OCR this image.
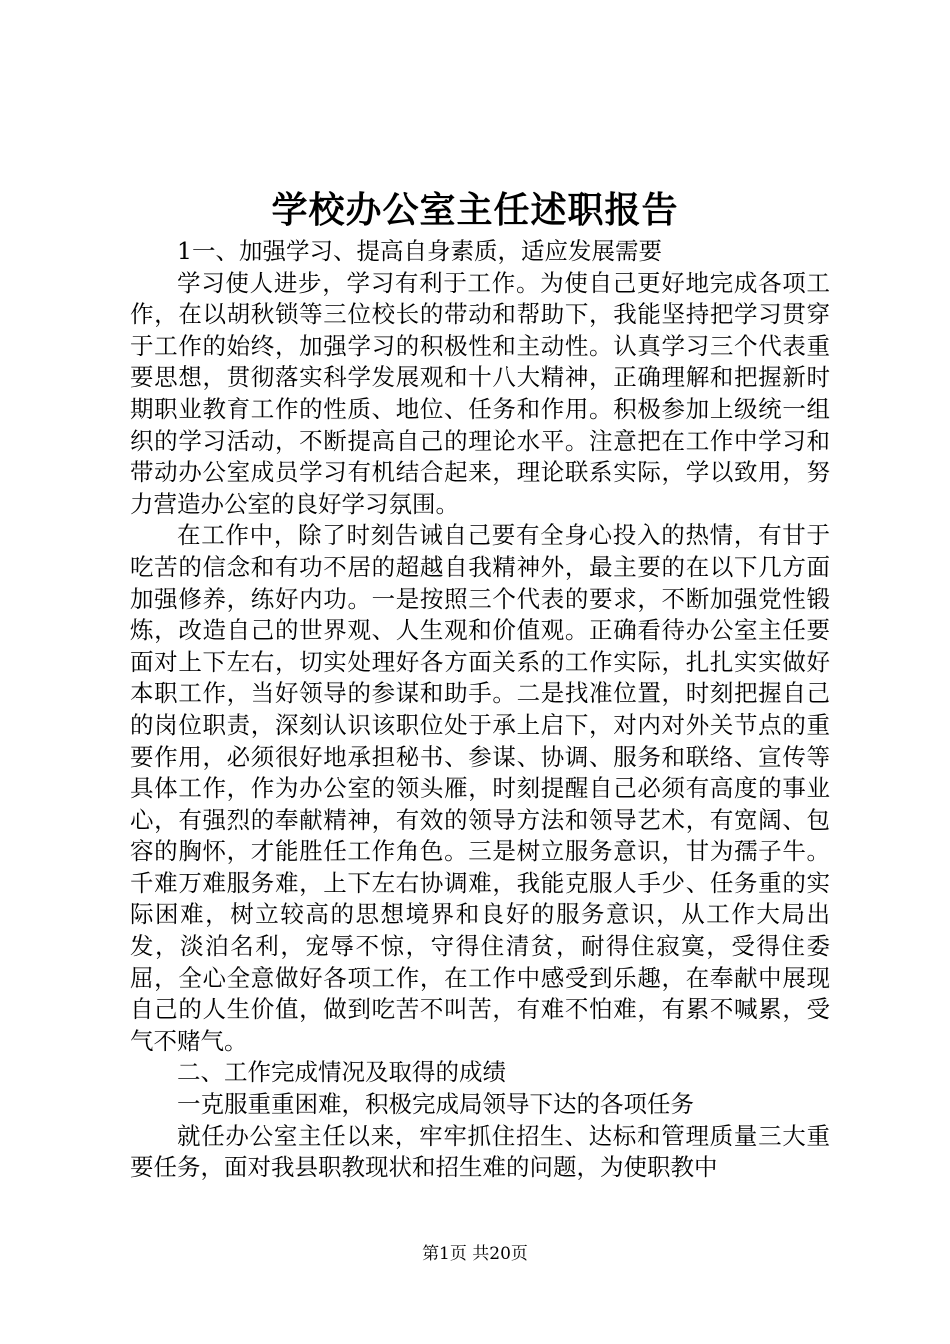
学校办公室主任述职报告

1一、加强学习、提高自身素质，适应发展需要

学习使人进步，学习有利于工作。为使自己更好地完成各项工作，在以胡秋锁等三位校长的带动和帮助下，我能坚持把学习贯穿于工作的始终，加强学习的积极性和主动性。认真学习三个代表重要思想，贯彻落实科学发展观和十八大精神，正确理解和把握新时期职业教育工作的性质、地位、任务和作用。积极参加上级统一组织的学习活动，不断提高自己的理论水平。注意把在工作中学习和带动办公室成员学习有机结合起来，理论联系实际，学以致用，努力营造办公室的良好学习氛围。

在工作中，除了时刻告诫自己要有全身心投入的热情，有甘于吃苦的信念和有功不居的超越自我精神外，最主要的在以下几方面加强修养，练好内功。一是按照三个代表的要求，不断加强党性锻炼，改造自己的世界观、人生观和价值观。正确看待办公室主任要面对上下左右，切实处理好各方面关系的工作实际，扎扎实实做好本职工作，当好领导的参谋和助手。二是找准位置，时刻把握自己的岗位职责，深刻认识该职位处于承上启下，对内对外关节点的重要作用，必须很好地承担秘书、参谋、协调、服务和联络、宣传等具体工作，作为办公室的领头雁，时刻提醒自己必须有高度的事业心，有强烈的奉献精神，有效的领导方法和领导艺术，有宽阔、包容的胸怀，才能胜任工作角色。三是树立服务意识，甘为孺子牛。千难万难服务难，上下左右协调难，我能克服人手少、任务重的实际困难，树立较高的思想境界和良好的服务意识，从工作大局出发，淡泊名利，宠辱不惊，守得住清贫，耐得住寂寞，受得住委屈，全心全意做好各项工作，在工作中感受到乐趣，在奉献中展现自己的人生价值，做到吃苦不叫苦，有难不怕难，有累不喊累，受气不赌气。

二、工作完成情况及取得的成绩

一克服重重困难，积极完成局领导下达的各项任务

就任办公室主任以来，牢牢抓住招生、达标和管理质量三大重要任务，面对我县职教现状和招生难的问题，为使职教中

第1页 共20页
